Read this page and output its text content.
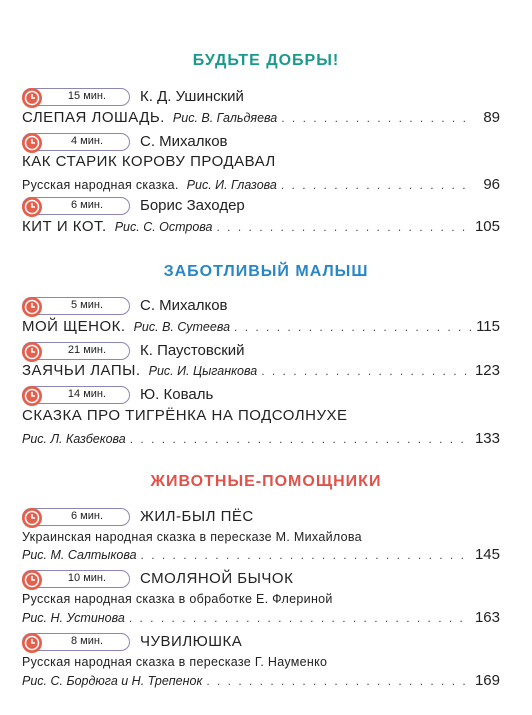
БУДЬТЕ ДОБРЫ!
15 мин.	К. Д. Ушинский
СЛЕПАЯ ЛОШАДЬ. Рис. В. Гальдяева . . .	89
4 мин.	С. Михалков
КАК СТАРИК КОРОВУ ПРОДАВАЛ
Русская народная сказка. Рис. И. Глазова . . .	96
6 мин.	Борис Заходер
КИТ И КОТ. Рис. С. Острова . . .	105
ЗАБОТЛИВЫЙ МАЛЫШ
5 мин.	С. Михалков
МОЙ ЩЕНОК. Рис. В. Сутеева . . .	115
21 мин.	К. Паустовский
ЗАЯЧЬИ ЛАПЫ. Рис. И. Цыганкова . . .	123
14 мин.	Ю. Коваль
СКАЗКА ПРО ТИГРЁНКА НА ПОДСОЛНУХЕ
Рис. Л. Казбекова . . .	133
ЖИВОТНЫЕ-ПОМОЩНИКИ
6 мин.	ЖИЛ-БЫЛ ПЁС
Украинская народная сказка в пересказе М. Михайлова
Рис. М. Салтыкова . . .	145
10 мин.	СМОЛЯНОЙ БЫЧОК
Русская народная сказка в обработке Е. Флериной
Рис. Н. Устинова . . .	163
8 мин.	ЧУВИЛЮШКА
Русская народная сказка в пересказе Г. Науменко
Рис. С. Бордюга и Н. Трепенок . . .	169
